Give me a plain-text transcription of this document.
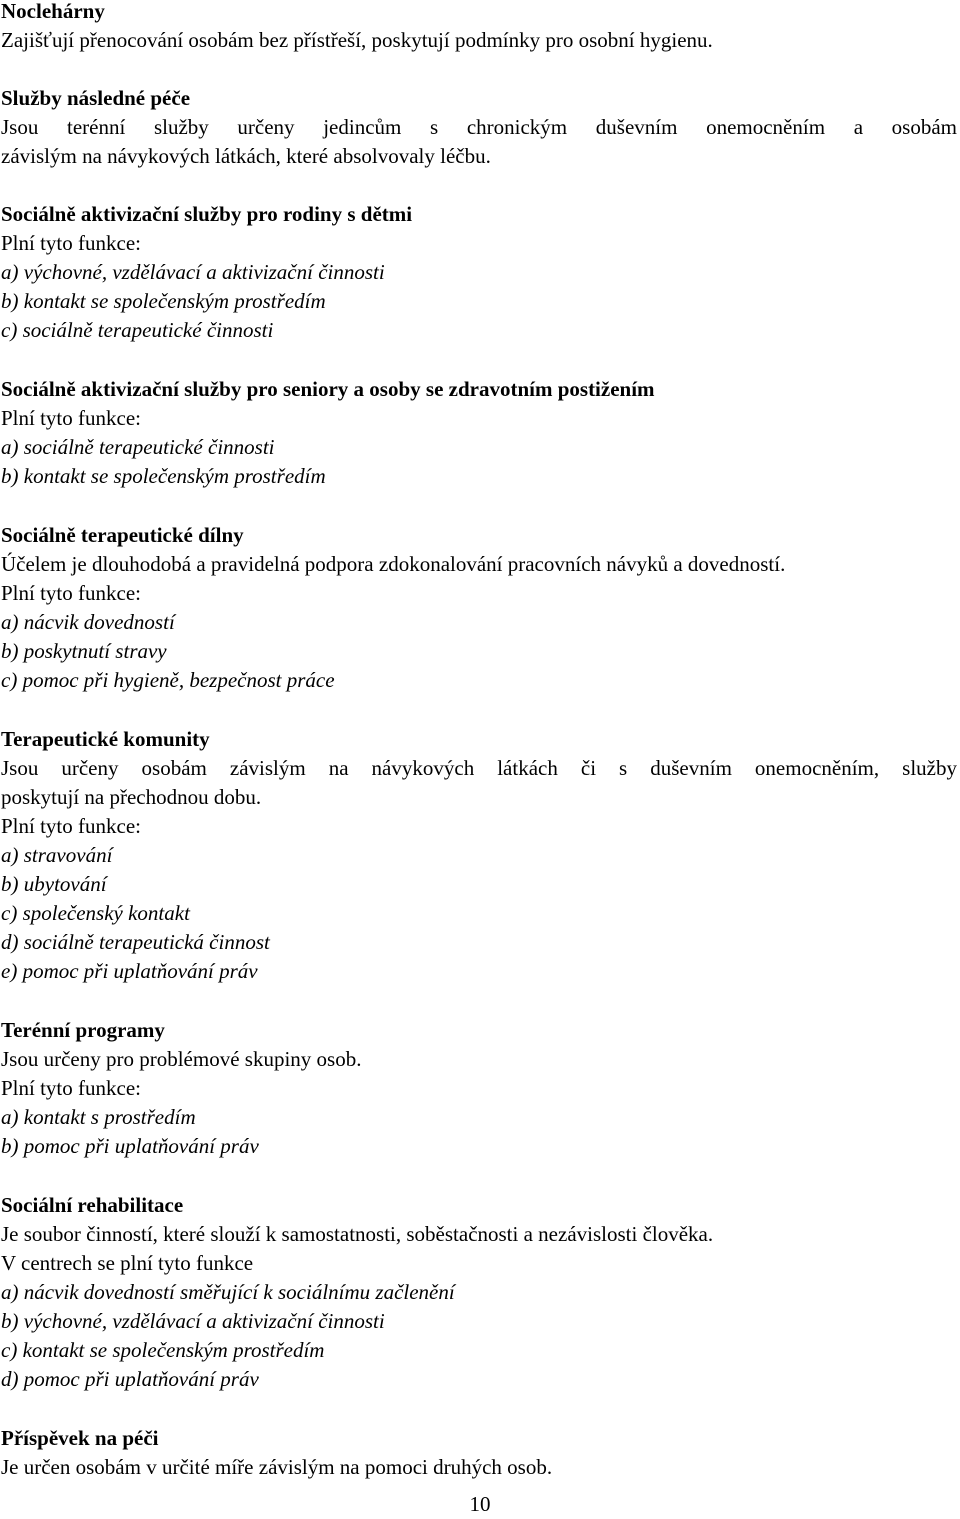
Noclehárny
Zajišťují přenocování osobám bez přístřeší, poskytují podmínky pro osobní hygienu.
Služby následné péče
Jsou terénní služby určeny jedincům s chronickým duševním onemocněním a osobám
závislým na návykových látkách, které absolvovaly léčbu.
Sociálně aktivizační služby pro rodiny s dětmi
Plní tyto funkce:
a) výchovné, vzdělávací a aktivizační činnosti
b) kontakt se společenským prostředím
c) sociálně terapeutické činnosti
Sociálně aktivizační služby pro seniory a osoby se zdravotním postižením
Plní tyto funkce:
a) sociálně terapeutické činnosti
b) kontakt se společenským prostředím
Sociálně terapeutické dílny
Účelem je dlouhodobá a pravidelná podpora zdokonalování pracovních návyků a dovedností.
Plní tyto funkce:
a) nácvik dovedností
b) poskytnutí stravy
c) pomoc při hygieně, bezpečnost práce
Terapeutické komunity
Jsou určeny osobám závislým na návykových látkách či s duševním onemocněním, služby
poskytují na přechodnou dobu.
Plní tyto funkce:
a) stravování
b) ubytování
c) společenský kontakt
d) sociálně terapeutická činnost
e) pomoc při uplatňování práv
Terénní programy
Jsou určeny pro problémové skupiny osob.
Plní tyto funkce:
a) kontakt s prostředím
b) pomoc při uplatňování práv
Sociální rehabilitace
Je soubor činností, které slouží k samostatnosti, soběstačnosti a nezávislosti člověka.
V centrech se plní tyto funkce
a) nácvik dovedností směřující k sociálnímu začlenění
b) výchovné, vzdělávací a aktivizační činnosti
c) kontakt se společenským prostředím
d) pomoc při uplatňování práv
Příspěvek na péči
Je určen osobám v určité míře závislým na pomoci druhých osob.
10
